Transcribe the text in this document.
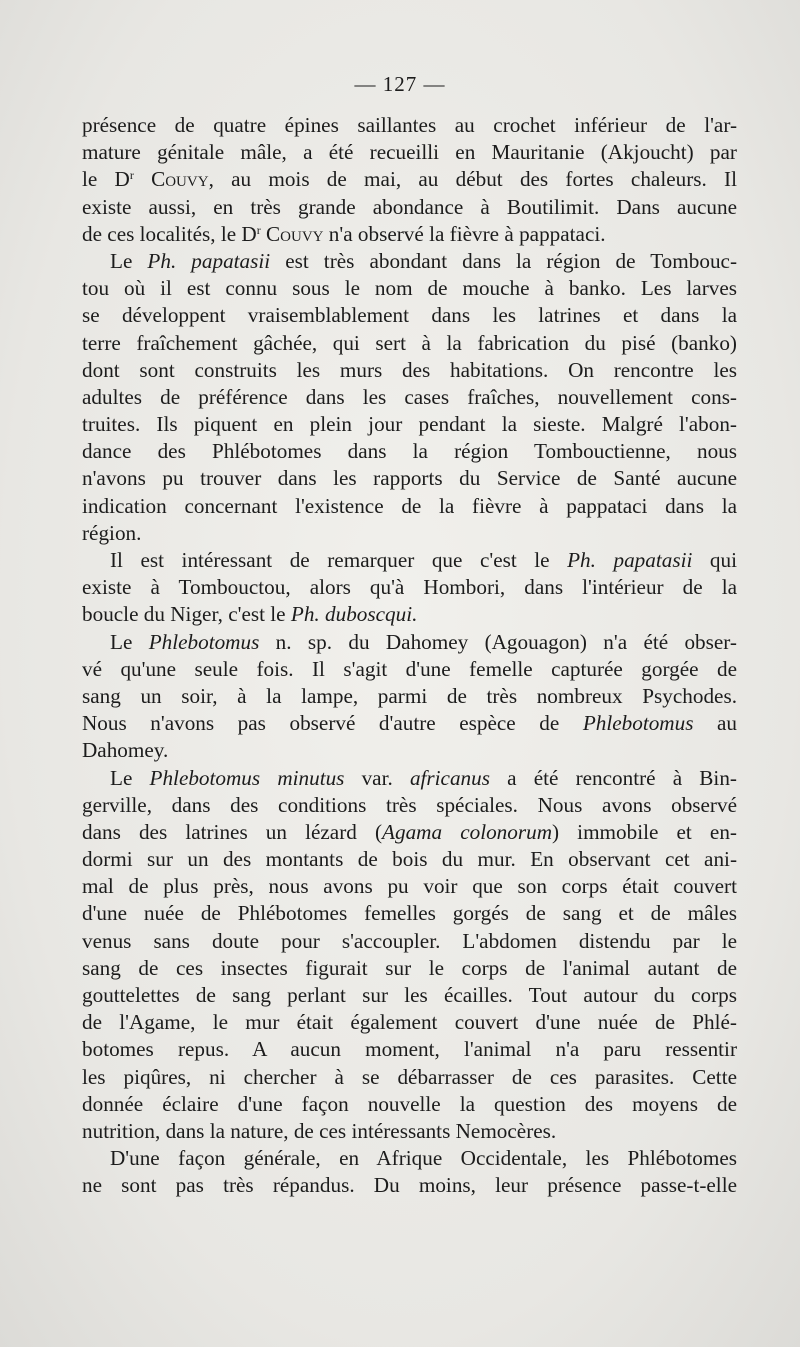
— 127 —
présence de quatre épines saillantes au crochet inférieur de l'ar-
mature génitale mâle, a été recueilli en Mauritanie (Akjoucht) par
le $D^r$ Couvy, au mois de mai, au début des fortes chaleurs. Il
existe aussi, en très grande abondance à Boutilimit. Dans aucune
de ces localités, le $D^r$ Couvy n'a observé la fièvre à pappataci.
Le Ph. papatasii est très abondant dans la région de Tombouc-
tou où il est connu sous le nom de mouche à banko. Les larves
se développent vraisemblablement dans les latrines et dans la
terre fraîchement gâchée, qui sert à la fabrication du pisé (banko)
dont sont construits les murs des habitations. On rencontre les
adultes de préférence dans les cases fraîches, nouvellement cons-
truites. Ils piquent en plein jour pendant la sieste. Malgré l'abon-
dance des Phlébotomes dans la région Tombouctienne, nous
n'avons pu trouver dans les rapports du Service de Santé aucune
indication concernant l'existence de la fièvre à pappataci dans la
région.
Il est intéressant de remarquer que c'est le Ph. papatasii qui
existe à Tombouctou, alors qu'à Hombori, dans l'intérieur de la
boucle du Niger, c'est le Ph. duboscqui.
Le Phlebotomus n. sp. du Dahomey (Agouagon) n'a été obser-
vé qu'une seule fois. Il s'agit d'une femelle capturée gorgée de
sang un soir, à la lampe, parmi de très nombreux Psychodes.
Nous n'avons pas observé d'autre espèce de Phlebotomus au
Dahomey.
Le Phlebotomus minutus var. africanus a été rencontré à Bin-
gerville, dans des conditions très spéciales. Nous avons observé
dans des latrines un lézard (Agama colonorum) immobile et en-
dormi sur un des montants de bois du mur. En observant cet ani-
mal de plus près, nous avons pu voir que son corps était couvert
d'une nuée de Phlébotomes femelles gorgés de sang et de mâles
venus sans doute pour s'accoupler. L'abdomen distendu par le
sang de ces insectes figurait sur le corps de l'animal autant de
gouttelettes de sang perlant sur les écailles. Tout autour du corps
de l'Agame, le mur était également couvert d'une nuée de Phlé-
botomes repus. A aucun moment, l'animal n'a paru ressentir
les piqûres, ni chercher à se débarrasser de ces parasites. Cette
donnée éclaire d'une façon nouvelle la question des moyens de
nutrition, dans la nature, de ces intéressants Nemocères.
D'une façon générale, en Afrique Occidentale, les Phlébotomes
ne sont pas très répandus. Du moins, leur présence passe-t-elle
